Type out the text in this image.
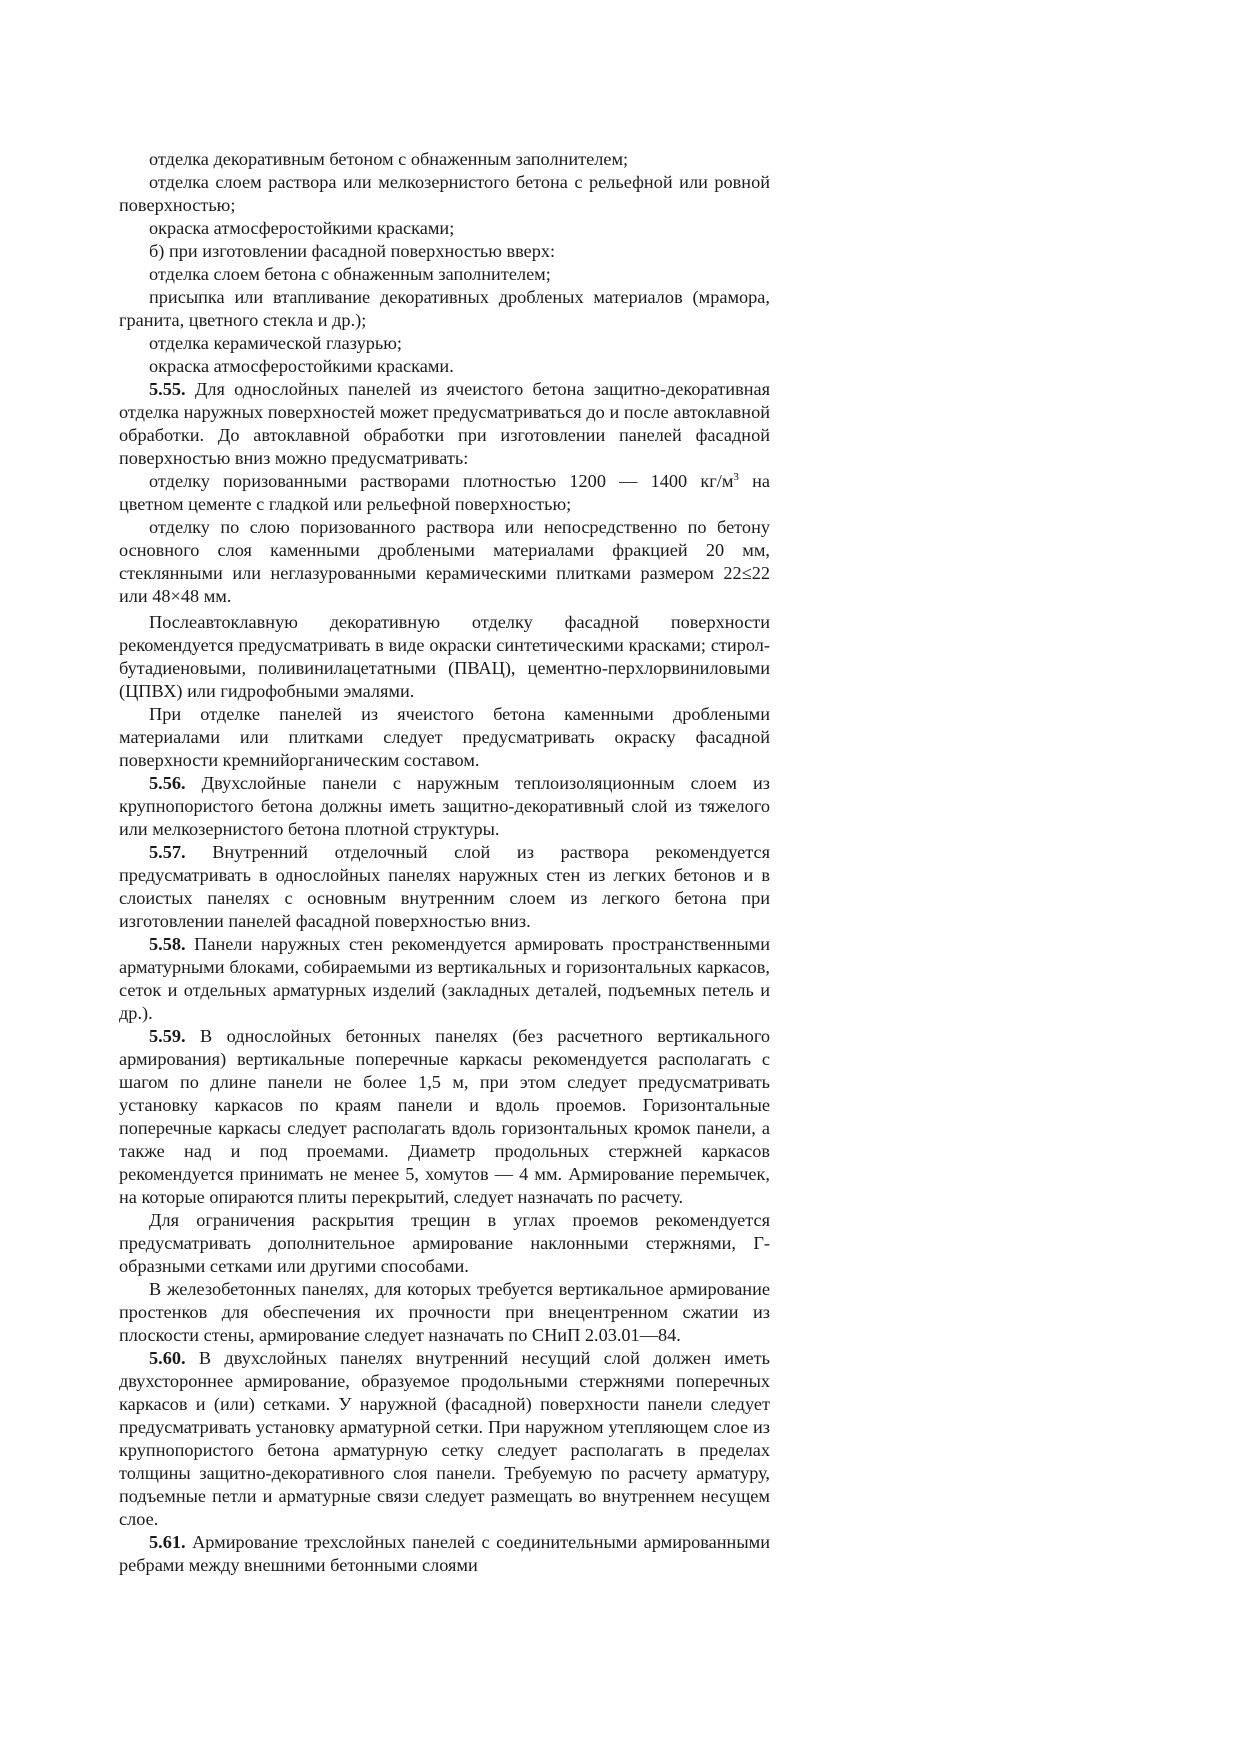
отделка декоративным бетоном с обнаженным заполнителем;

отделка слоем раствора или мелкозернистого бетона с рельефной или ровной поверхностью;

окраска атмосферостойкими красками;

б) при изготовлении фасадной поверхностью вверх:

отделка слоем бетона с обнаженным заполнителем;

присыпка или втапливание декоративных дробленых материалов (мрамора, гранита, цветного стекла и др.);

отделка керамической глазурью;

окраска атмосферостойкими красками.

5.55. Для однослойных панелей из ячеистого бетона защитно-декоративная отделка наружных поверхностей может предусматриваться до и после автоклавной обработки. До автоклавной обработки при изготовлении панелей фасадной поверхностью вниз можно предусматривать:

отделку поризованными растворами плотностью 1200 — 1400 $кг/м^3$ на цветном цементе с гладкой или рельефной поверхностью;

отделку по слою поризованного раствора или непосредственно по бетону основного слоя каменными дроблеными материалами фракцией 20 мм, стеклянными или неглазурованными керамическими плитками размером 22≤22 или 48×48 мм.

Послеавтоклавную декоративную отделку фасадной поверхности рекомендуется предусматривать в виде окраски синтетическими красками; стирол-бутадиеновыми, поливинилацетатными (ПВАЦ), цементно-перхлорвиниловыми (ЦПВХ) или гидрофобными эмалями.

При отделке панелей из ячеистого бетона каменными дроблеными материалами или плитками следует предусматривать окраску фасадной поверхности кремнийорганическим составом.

5.56. Двухслойные панели с наружным теплоизоляционным слоем из крупнопористого бетона должны иметь защитно-декоративный слой из тяжелого или мелкозернистого бетона плотной структуры.

5.57. Внутренний отделочный слой из раствора рекомендуется предусматривать в однослойных панелях наружных стен из легких бетонов и в слоистых панелях с основным внутренним слоем из легкого бетона при изготовлении панелей фасадной поверхностью вниз.

5.58. Панели наружных стен рекомендуется армировать пространственными арматурными блоками, собираемыми из вертикальных и горизонтальных каркасов, сеток и отдельных арматурных изделий (закладных деталей, подъемных петель и др.).

5.59. В однослойных бетонных панелях (без расчетного вертикального армирования) вертикальные поперечные каркасы рекомендуется располагать с шагом по длине панели не более 1,5 м, при этом следует предусматривать установку каркасов по краям панели и вдоль проемов. Горизонтальные поперечные каркасы следует располагать вдоль горизонтальных кромок панели, а также над и под проемами. Диаметр продольных стержней каркасов рекомендуется принимать не менее 5, хомутов — 4 мм. Армирование перемычек, на которые опираются плиты перекрытий, следует назначать по расчету.

Для ограничения раскрытия трещин в углах проемов рекомендуется предусматривать дополнительное армирование наклонными стержнями, Г-образными сетками или другими способами.

В железобетонных панелях, для которых требуется вертикальное армирование простенков для обеспечения их прочности при внецентренном сжатии из плоскости стены, армирование следует назначать по СНиП 2.03.01—84.

5.60. В двухслойных панелях внутренний несущий слой должен иметь двухстороннее армирование, образуемое продольными стержнями поперечных каркасов и (или) сетками. У наружной (фасадной) поверхности панели следует предусматривать установку арматурной сетки. При наружном утепляющем слое из крупнопористого бетона арматурную сетку следует располагать в пределах толщины защитно-декоративного слоя панели. Требуемую по расчету арматуру, подъемные петли и арматурные связи следует размещать во внутреннем несущем слое.

5.61. Армирование трехслойных панелей с соединительными армированными ребрами между внешними бетонными слоями
